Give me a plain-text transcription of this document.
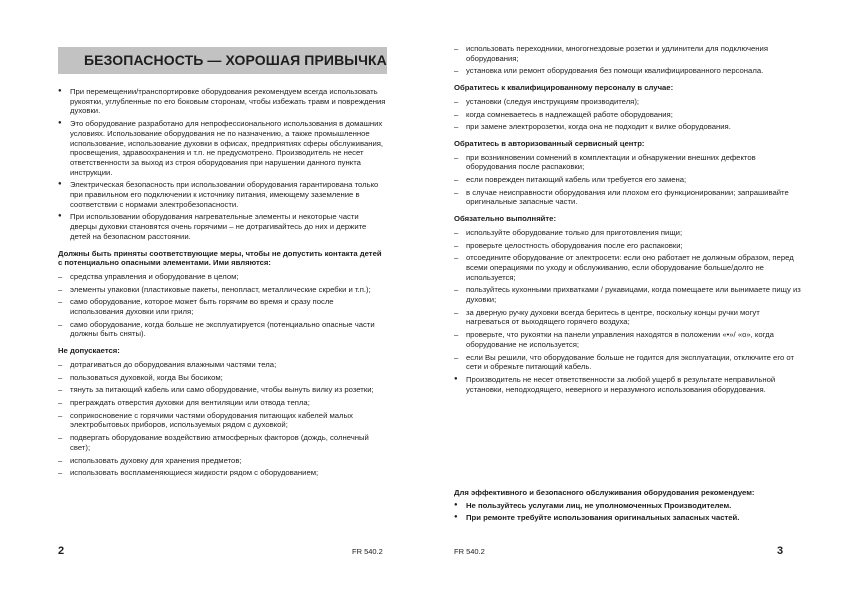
БЕЗОПАСНОСТЬ — ХОРОШАЯ ПРИВЫЧКА
● При перемещении/транспортировке оборудования рекомендуем всегда использовать рукоятки, углубленные по его боковым сторонам, чтобы избежать травм и повреждения духовки.
● Это оборудование разработано для непрофессионального использования в домашних условиях. Использование оборудования не по назначению, а также промышленное использование, использование духовки в офисах, предприятиях сферы обслуживания, просвещения, здравоохранения и т.п. не предусмотрено. Производитель не несет ответственности за выход из строя оборудования при нарушении данного пункта инструкции.
● Электрическая безопасность при использовании оборудования гарантирована только при правильном его подключении к источнику питания, имеющему заземление в соответствии с нормами электробезопасности.
● При использовании оборудования нагревательные элементы и некоторые части дверцы духовки становятся очень горячими – не дотрагивайтесь до них и держите детей на безопасном расстоянии.
Должны быть приняты соответствующие меры, чтобы не допустить контакта детей с потенциально опасными элементами. Ими являются:
– средства управления и оборудование в целом;
– элементы упаковки (пластиковые пакеты, пенопласт, металлические скребки и т.п.);
– само оборудование, которое может быть горячим во время и сразу после использования духовки или гриля;
– само оборудование, когда больше не эксплуатируется (потенциально опасные части должны быть сняты).
Не допускается:
– дотрагиваться до оборудования влажными частями тела;
– пользоваться духовкой, когда Вы босиком;
– тянуть за питающий кабель или само оборудование, чтобы вынуть вилку из розетки;
– преграждать отверстия духовки для вентиляции или отвода тепла;
– соприкосновение с горячими частями оборудования питающих кабелей малых электробытовых приборов, используемых рядом с духовкой;
– подвергать оборудование воздействию атмосферных факторов (дождь, солнечный свет);
– использовать духовку для хранения предметов;
– использовать воспламеняющиеся жидкости рядом с оборудованием;
2	FR 540.2
– использовать переходники, многогнездовые розетки и удлинители для подключения оборудования;
– установка или ремонт оборудования без помощи квалифицированного персонала.
Обратитесь к квалифицированному персоналу в случае:
– установки (следуя инструкциям производителя);
– когда сомневаетесь в надлежащей работе оборудования;
– при замене электророзетки, когда она не подходит к вилке оборудования.
Обратитесь в авторизованный сервисный центр:
– при возникновении сомнений в комплектации и обнаружении внешних дефектов оборудования после распаковки;
– если поврежден питающий кабель или требуется его замена;
– в случае неисправности оборудования или плохом его функционировании; запрашивайте оригинальные запасные части.
Обязательно выполняйте:
– используйте оборудование только для приготовления пищи;
– проверьте целостность оборудования после его распаковки;
– отсоедините оборудование от электросети: если оно работает не должным образом, перед всеми операциями по уходу и обслуживанию, если оборудование больше/долго не используется;
– пользуйтесь кухонными прихватками / рукавицами, когда помещаете или вынимаете пищу из духовки;
– за дверную ручку духовки всегда беритесь в центре, поскольку концы ручки могут нагреваться от выходящего горячего воздуха;
– проверьте, что рукоятки на панели управления находятся в положении «•»/ «o», когда оборудование не используется;
– если Вы решили, что оборудование больше не годится для эксплуатации, отключите его от сети и обрежьте питающий кабель.
● Производитель не несет ответственности за любой ущерб в результате неправильной установки, неподходящего, неверного и неразумного использования оборудования.
Для эффективного и безопасного обслуживания оборудования рекомендуем:
● Не пользуйтесь услугами лиц, не уполномоченных Производителем.
● При ремонте требуйте использования оригинальных запасных частей.
FR 540.2	3
